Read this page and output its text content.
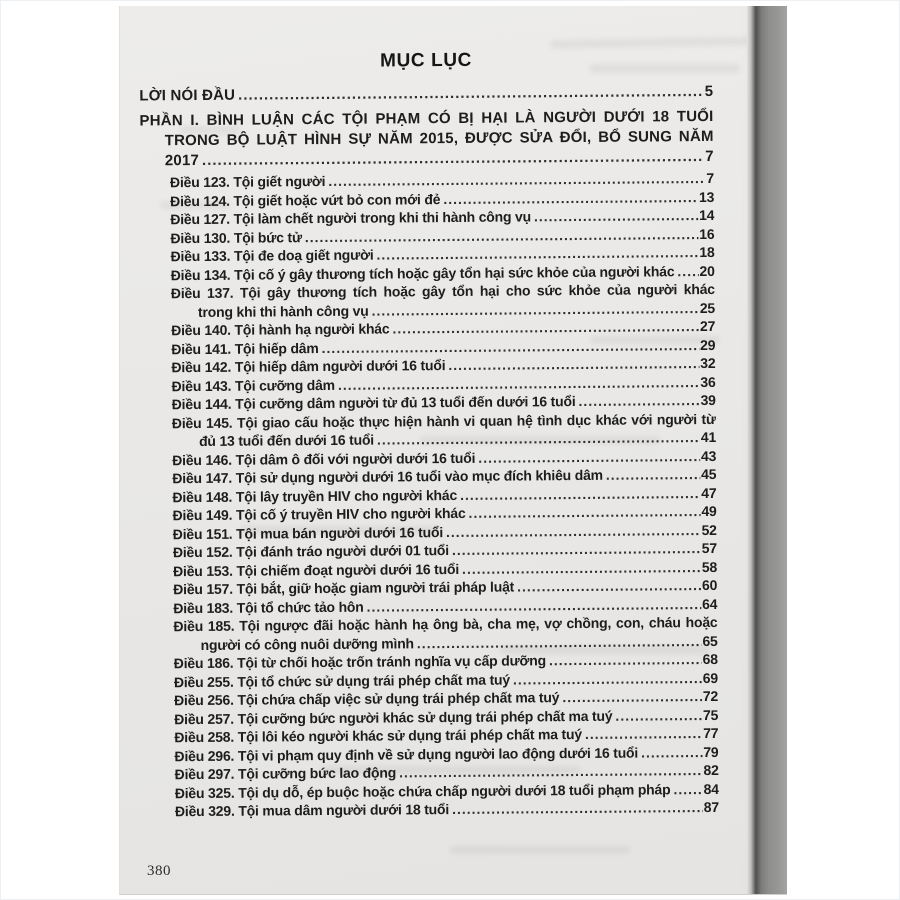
MỤC LỤC
LỜI NÓI ĐẦU .....	5
PHẦN I. BÌNH LUẬN CÁC TỘI PHẠM CÓ BỊ HẠI LÀ NGƯỜI DƯỚI 18 TUỔI
TRONG BỘ LUẬT HÌNH SỰ NĂM 2015, ĐƯỢC SỬA ĐỔI, BỔ SUNG NĂM
2017 .....	7
Điều 123. Tội giết người .....	7
Điều 124. Tội giết hoặc vứt bỏ con mới đẻ .....	13
Điều 127. Tội làm chết người trong khi thi hành công vụ .....	14
Điều 130. Tội bức tử .....	16
Điều 133. Tội đe doạ giết người .....	18
Điều 134. Tội cố ý gây thương tích hoặc gây tổn hại sức khỏe của người khác ..... 20
Điều 137. Tội gây thương tích hoặc gây tổn hại cho sức khỏe của người khác
trong khi thi hành công vụ .....	25
Điều 140. Tội hành hạ người khác .....	27
Điều 141. Tội hiếp dâm .....	29
Điều 142. Tội hiếp dâm người dưới 16 tuổi .....	32
Điều 143. Tội cưỡng dâm .....	36
Điều 144. Tội cưỡng dâm người từ đủ 13 tuổi đến dưới 16 tuổi .....	39
Điều 145. Tội giao cấu hoặc thực hiện hành vi quan hệ tình dục khác với người từ
đủ 13 tuổi đến dưới 16 tuổi .....	41
Điều 146. Tội dâm ô đối với người dưới 16 tuổi .....	43
Điều 147. Tội sử dụng người dưới 16 tuổi vào mục đích khiêu dâm .....	45
Điều 148. Tội lây truyền HIV cho người khác .....	47
Điều 149. Tội cố ý truyền HIV cho người khác .....	49
Điều 151. Tội mua bán người dưới 16 tuổi .....	52
Điều 152. Tội đánh tráo người dưới 01 tuổi .....	57
Điều 153. Tội chiếm đoạt người dưới 16 tuổi .....	58
Điều 157. Tội bắt, giữ hoặc giam người trái pháp luật .....	60
Điều 183. Tội tổ chức tảo hôn .....	64
Điều 185. Tội ngược đãi hoặc hành hạ ông bà, cha mẹ, vợ chồng, con, cháu hoặc
người có công nuôi dưỡng mình .....	65
Điều 186. Tội từ chối hoặc trốn tránh nghĩa vụ cấp dưỡng .....	68
Điều 255. Tội tổ chức sử dụng trái phép chất ma tuý .....	69
Điều 256. Tội chứa chấp việc sử dụng trái phép chất ma tuý .....	72
Điều 257. Tội cưỡng bức người khác sử dụng trái phép chất ma tuý .....	75
Điều 258. Tội lôi kéo người khác sử dụng trái phép chất ma tuý .....	77
Điều 296. Tội vi phạm quy định về sử dụng người lao động dưới 16 tuổi .....	79
Điều 297. Tội cưỡng bức lao động .....	82
Điều 325. Tội dụ dỗ, ép buộc hoặc chứa chấp người dưới 18 tuổi phạm pháp ..... 84
Điều 329. Tội mua dâm người dưới 18 tuổi .....	87
380
